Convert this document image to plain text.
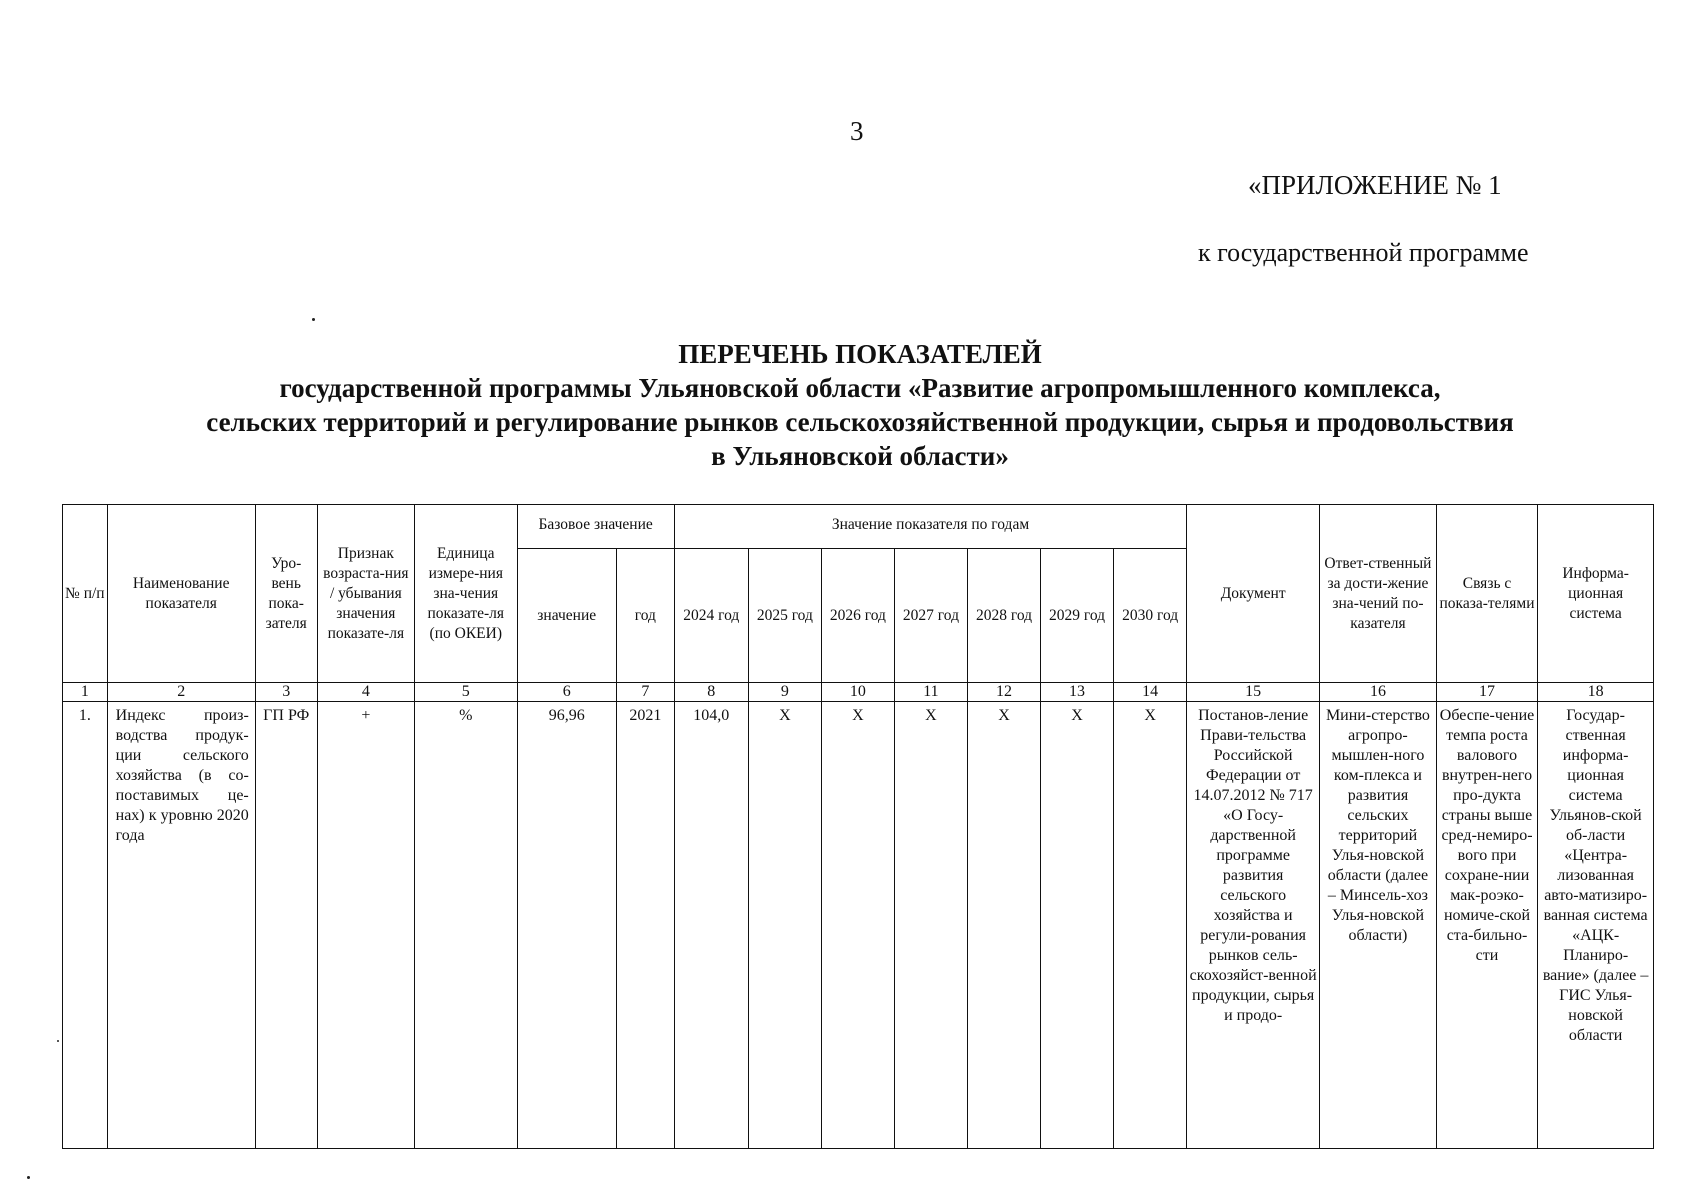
3
«ПРИЛОЖЕНИЕ № 1
к государственной программе
ПЕРЕЧЕНЬ ПОКАЗАТЕЛЕЙ
государственной программы Ульяновской области «Развитие агропромышленного комплекса,
сельских территорий и регулирование рынков сельскохозяйственной продукции, сырья и продовольствия
в Ульяновской области»
№ п/п	Наименование показателя	Уро-вень пока-зателя	Признак возраста-ния / убывания значения показате-ля	Единица измере-ния зна-чения показате-ля (по ОКЕИ)	Базовое значение		Значение показателя по годам							Документ	Ответ-ственный за дости-жение зна-чений по-казателя	Связь с показа-телями	Информа-ционная система
					значение	год	2024 год	2025 год	2026 год	2027 год	2028 год	2029 год	2030 год				
1	2	3	4	5	6	7	8	9	10	11	12	13	14	15	16	17	18
1.	Индекс произ-водства продук-ции сельского хозяйства (в со-поставимых це-нах) к уровню 2020 года	ГП РФ	+	%	96,96	2021	104,0	X	X	X	X	X	X	Постанов-ление Прави-тельства Российской Федерации от 14.07.2012 № 717 «О Госу-дарственной программе развития сельского хозяйства и регули-рования рынков сель-скохозяйст-венной продукции, сырья и продо-	Мини-стерство агропро-мышлен-ного ком-плекса и развития сельских территорий Улья-новской области (далее – Минсель-хоз Улья-новской области)	Обеспе-чение темпа роста валового внутрен-него про-дукта страны выше сред-немиро-вого при сохране-нии мак-роэко-номиче-ской ста-бильно-сти	Государ-ственная информа-ционная система Ульянов-ской об-ласти «Центра-лизованная авто-матизиро-ванная система «АЦК-Планиро-вание» (далее – ГИС Улья-новской области
